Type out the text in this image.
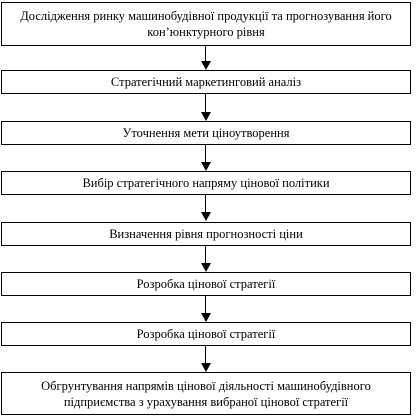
Дослідження ринку машинобудівної продукції та прогнозування його кон’юнктурного рівня
Стратегічний маркетинговий аналіз
Уточнення мети ціноутворення
Вибір стратегічного напряму цінової політики
Визначення рівня прогнозності ціни
Розробка цінової стратегії
Розробка цінової стратегії
Обгрунтування напрямів цінової діяльності машинобудівного підприємства з урахування вибраної цінової стратегії
